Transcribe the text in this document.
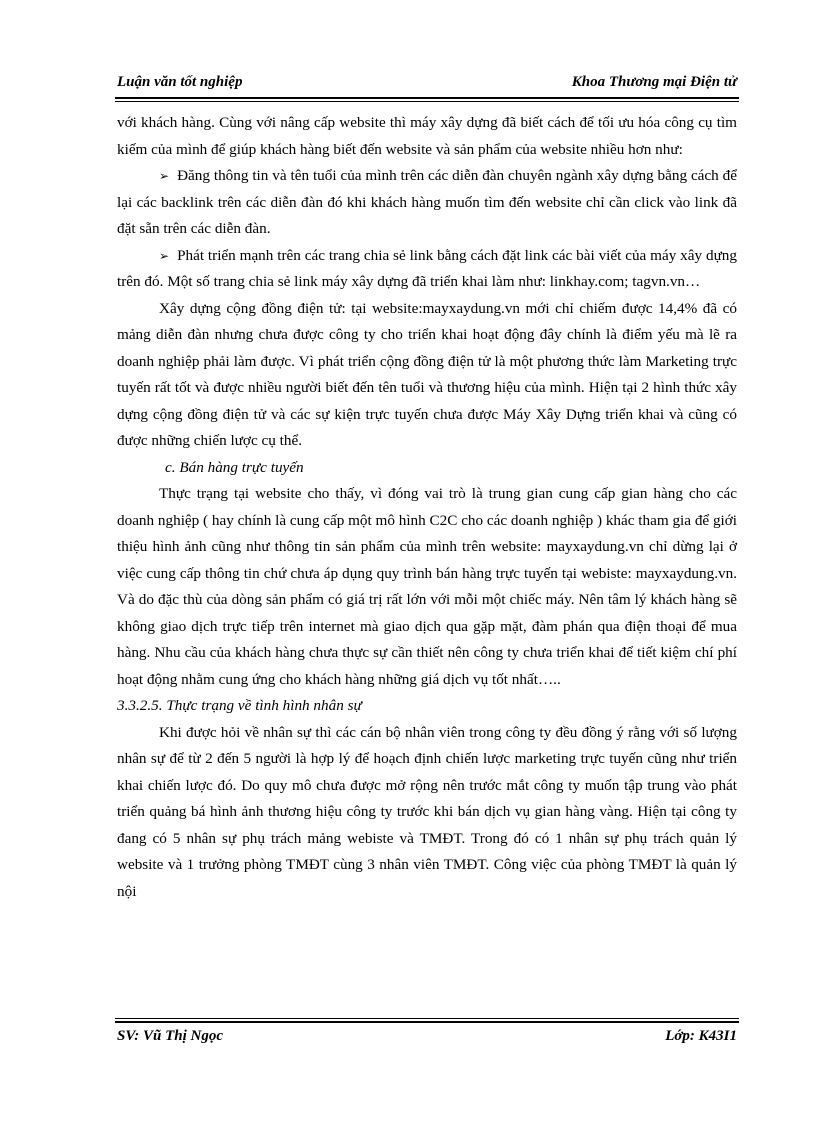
Luận văn tốt nghiệp	Khoa Thương mại Điện tử

với khách hàng. Cùng với nâng cấp website thì máy xây dựng đã biết cách để tối ưu hóa công cụ tìm kiếm của mình để giúp khách hàng biết đến website và sản phẩm của website nhiều hơn như:

➢ Đăng thông tin và tên tuổi của mình trên các diễn đàn chuyên ngành xây dựng bằng cách để lại các backlink trên các diễn đàn đó khi khách hàng muốn tìm đến website chỉ cần click vào link đã đặt sẵn trên các diễn đàn.

➢ Phát triển mạnh trên các trang chia sẻ link bằng cách đặt link các bài viết của máy xây dựng trên đó. Một số trang chia sẻ link máy xây dựng đã triển khai làm như: linkhay.com; tagvn.vn…

Xây dựng cộng đồng điện tử: tại website:mayxaydung.vn mới chỉ chiếm được 14,4% đã có mảng diễn đàn nhưng chưa được công ty cho triển khai hoạt động đây chính là điểm yếu mà lẽ ra doanh nghiệp phải làm được. Vì phát triển cộng đồng điện tử là một phương thức làm Marketing trực tuyến rất tốt và được nhiều người biết đến tên tuổi và thương hiệu của mình. Hiện tại 2 hình thức xây dựng cộng đồng điện tử và các sự kiện trực tuyến chưa được Máy Xây Dựng triển khai và cũng có được những chiến lược cụ thể.

c. Bán hàng trực tuyến

Thực trạng tại website cho thấy, vì đóng vai trò là trung gian cung cấp gian hàng cho các doanh nghiệp ( hay chính là cung cấp một mô hình C2C cho các doanh nghiệp ) khác tham gia để giới thiệu hình ảnh cũng như thông tin sản phẩm của mình trên website: mayxaydung.vn chỉ dừng lại ở việc cung cấp thông tin chứ chưa áp dụng quy trình bán hàng trực tuyến tại webiste: mayxaydung.vn. Và do đặc thù của dòng sản phẩm có giá trị rất lớn với mỗi một chiếc máy. Nên tâm lý khách hàng sẽ không giao dịch trực tiếp trên internet mà giao dịch qua gặp mặt, đàm phán qua điện thoại để mua hàng. Nhu cầu của khách hàng chưa thực sự cần thiết nên công ty chưa triển khai để tiết kiệm chí phí hoạt động nhằm cung ứng cho khách hàng những giá dịch vụ tốt nhất…..

3.3.2.5. Thực trạng về tình hình nhân sự

Khi được hỏi về nhân sự thì các cán bộ nhân viên trong công ty đều đồng ý rằng với số lượng nhân sự để từ 2 đến 5 người là hợp lý để hoạch định chiến lược marketing trực tuyến cũng như triển khai chiến lược đó. Do quy mô chưa được mở rộng nên trước mắt công ty muốn tập trung vào phát triển quảng bá hình ảnh thương hiệu công ty trước khi bán dịch vụ gian hàng vàng. Hiện tại công ty đang có 5 nhân sự phụ trách mảng webiste và TMĐT. Trong đó có 1 nhân sự phụ trách quản lý website và 1 trưởng phòng TMĐT cùng 3 nhân viên TMĐT. Công việc của phòng TMĐT là quản lý nội

SV: Vũ Thị Ngọc	Lớp: K43I1
